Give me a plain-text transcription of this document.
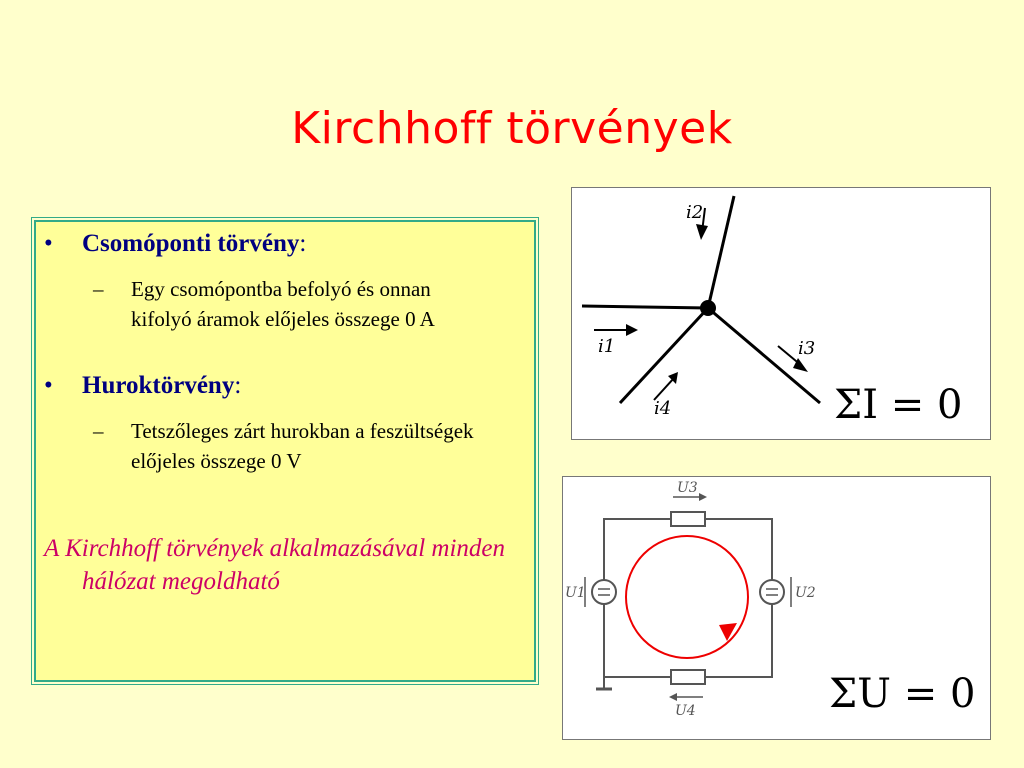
Kirchhoff törvények
• Csomóponti törvény:
– Egy csomópontba befolyó és onnan kifolyó áramok előjeles összege 0 A
• Huroktörvény:
– Tetszőleges zárt hurokban a feszültségek előjeles összege 0 V
A Kirchhoff törvények alkalmazásával minden hálózat megoldható
i2
i1	i3
i4	ΣI = 0
U3
U4
U1	U2
ΣU = 0
